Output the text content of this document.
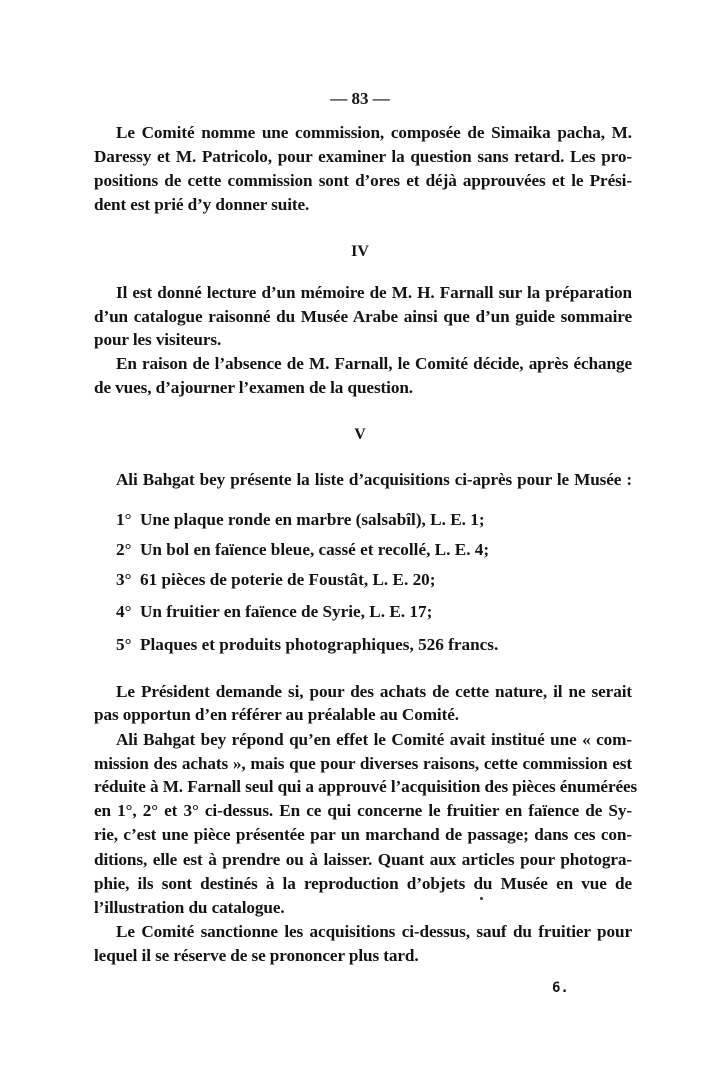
— 83 —
Le Comité nomme une commission, composée de Simaika pacha, M.
Daressy et M. Patricolo, pour examiner la question sans retard. Les pro-
positions de cette commission sont d’ores et déjà approuvées et le Prési-
dent est prié d’y donner suite.
IV
Il est donné lecture d’un mémoire de M. H. Farnall sur la préparation
d’un catalogue raisonné du Musée Arabe ainsi que d’un guide sommaire
pour les visiteurs.
En raison de l’absence de M. Farnall, le Comité décide, après échange
de vues, d’ajourner l’examen de la question.
V
Ali Bahgat bey présente la liste d’acquisitions ci-après pour le Musée :
1° Une plaque ronde en marbre (salsabîl), L. E. 1;
2° Un bol en faïence bleue, cassé et recollé, L. E. 4;
3° 61 pièces de poterie de Foustât, L. E. 20;
4° Un fruitier en faïence de Syrie, L. E. 17;
5° Plaques et produits photographiques, 526 francs.
Le Président demande si, pour des achats de cette nature, il ne serait
pas opportun d’en référer au préalable au Comité.
Ali Bahgat bey répond qu’en effet le Comité avait institué une « com-
mission des achats », mais que pour diverses raisons, cette commission est
réduite à M. Farnall seul qui a approuvé l’acquisition des pièces énumérées
en 1°, 2° et 3° ci-dessus. En ce qui concerne le fruitier en faïence de Sy-
rie, c’est une pièce présentée par un marchand de passage; dans ces con-
ditions, elle est à prendre ou à laisser. Quant aux articles pour photogra-
phie, ils sont destinés à la reproduction d’objets du Musée en vue de
l’illustration du catalogue.
Le Comité sanctionne les acquisitions ci-dessus, sauf du fruitier pour
lequel il se réserve de se prononcer plus tard.
6.
